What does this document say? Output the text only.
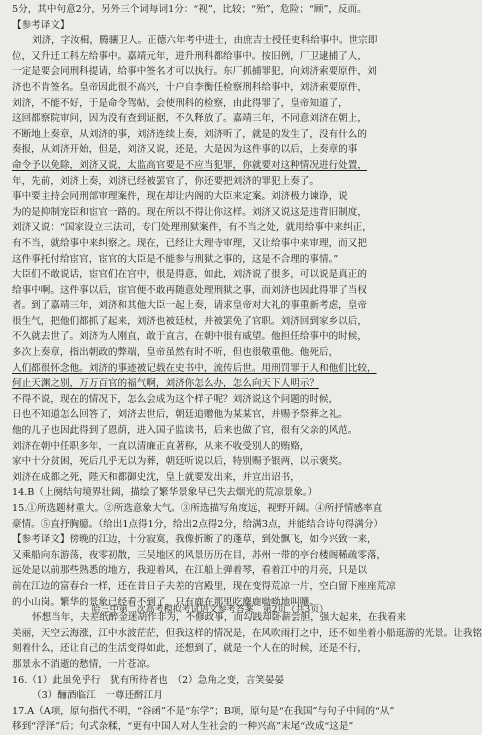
5分，其中句意2分，另外三个词每词1分：“视”，比较；“殆”，危险；“顾”，反而。
【参考译文】
刘济，字汝楫，腾骧卫人。正德六年考中进士，由庶吉士授任吏科给事中。世宗即
位，又升迁工科左给事中。嘉靖元年，进升刑科都给事中。按旧例，厂卫逮捕了人，
一定是要会同刑科提请，给事中签名才可以执行。东厂抓捕罪犯，向刘济索要原件，刘
济也不肯签名。皇帝因此很不高兴，十户自李衡任检察刑科给事中，刘济索要原件，
刘济，不能不好，于是命令驾帖，会使刑科的检察，由此得罪了，皇帝知道了，
这回都察院审问，因为没有查到证据，不久释放了。嘉靖三年，不同意刘济在朝上，
不断地上奏章，从刘济的事，刘济连续上奏，刘济听了，就是的发生了，没有什么的
奏报，从刘济开始，但是，刘济又说，还是，大是因为这件事的以后，上奏章的事
命令予以免除，刘济又说，太监高官要是不应当犯罪，你就要对这种情况进行处置，
年，先前，刘济上奏，刘济已经被罢官了，你还要把刘济的罪犯上奏了。
事中要主持会同刑部审理案件，现在却让内阁的大臣来定案。刘济极力谏诤，说
为的是抑制宠臣和宦官一路的。现在所以不得让你这样。刘济又说这是违背旧制度，
刘济又说：“国家设立三法司，专门处理刑狱案件，有不当之处，就用给事中来纠正，
有不当，就给事中来纠察之。现在，已经让大理寺审理，又让给事中来审理，而又把
这件事托付给宦官，宦官的大臣是不能参与刑狱之事的，这是不合理的事情。”
大臣们不敢说话，宦官们在宫中，很是得意，如此，刘济说了很多，可以说是真正的
给事中啊。这件事以后，宦官便不敢再随意处理刑狱之事，而刘济也因此得罪了当权
者。到了嘉靖三年，刘济和其他大臣一起上奏，请求皇帝对大礼的事重新考虑，皇帝
很生气，把他们都抓了起来，刘济也被廷杖，并被罢免了官职。刘济回到家乡以后，
不久就去世了。刘济为人刚直，敢于直言，在朝中很有威望。他担任给事中的时候，
多次上奏章，指出朝政的弊端，皇帝虽然有时不听，但也很敬重他。他死后，
人们都很怀念他。刘济的事迹被记载在史书中，流传后世。用刑罚罪于人和他们比较，
何止天渊之别，万万百官的福气啊，刘济你怎么办，怎么向天下人明示？
不得不说，现在的情况下，怎么会成为这个样子呢？刘济说这个问题的时候，
日也不知道怎么回答了，刘济去世后，朝廷追赠他为某某官，并赐予祭葬之礼。
他的儿子也因此得到了恩荫，进入国子监读书，后来也做了官，很有父亲的风范。
刘济在朝中任职多年，一直以清廉正直著称，从来不收受别人的贿赂，
家中十分贫困，死后几乎无以为葬，朝廷听说以后，特别赐予银两，以示褒奖。
刘济在成都之死，陛天和都御史沈，皇上就要发出来，并宣出诏书，
14.B（上阕结句境界壮阔，描绘了繁华景象早已失去烟光的荒凉景象。）
15.①所选题材重大。②所选意象大气。③所选描写角度远，视野开阔。④所抒情感率直
豪情。⑤直抒胸臆。（给出1点得1分，给出2点得2分，给满3点，并能结合诗句得满分）
【参考译文】傍晚的江边，十分寂寞，我像折断了的蓬草，到处飘飞，如今兴致一来，
又乘船向东游荡，夜零初散，三吴地区的风景历历在目，苏州一带的亭台楼阁稀疏零落，
远处是以前那些熟悉的地方，我迎着风，在江船上弹着琴，看着江中的月亮，只是以
前在江边的富春台一样，还在昔日子夫差的宫殿里，现在变得荒凉一片，空白留下座座荒凉
的小山岗。繁华的景象已经看不到了，只有鹿在那里吃麋鹿呦呦地叫嚷。
怀想当年，夫差纸醉金迷胡作非为，不修政事，而勾践却卧薪尝胆，强大起来，在我看来
美丽，天空云海涨，江中水波茫茫，但我这样的情况是，在风吹雨打之中，还不如坐着小船逛游的光景。让我铭
刻着什么，还让自己的生活变得如此，还想到了，就是一个人在的时候，还是不行，
那景永不消逝的愁情，一片苍凉。
16.（1）此虽免乎行　犹有所待者也　（2）急角之变，言笑晏晏
（3）酾酒临江　一尊还酹江月
17.A（A项，原句指代不明，“谷函”不是“东学”；B项，原句是“在我国”与句子中间的“从”
移到“浮泽”后；句式杂糅，“更有中国人对人生社会的一种兴高”末尾“改成“这是”
哈三中第二次高考模拟考试语文参考答案　第2页（共3页）
